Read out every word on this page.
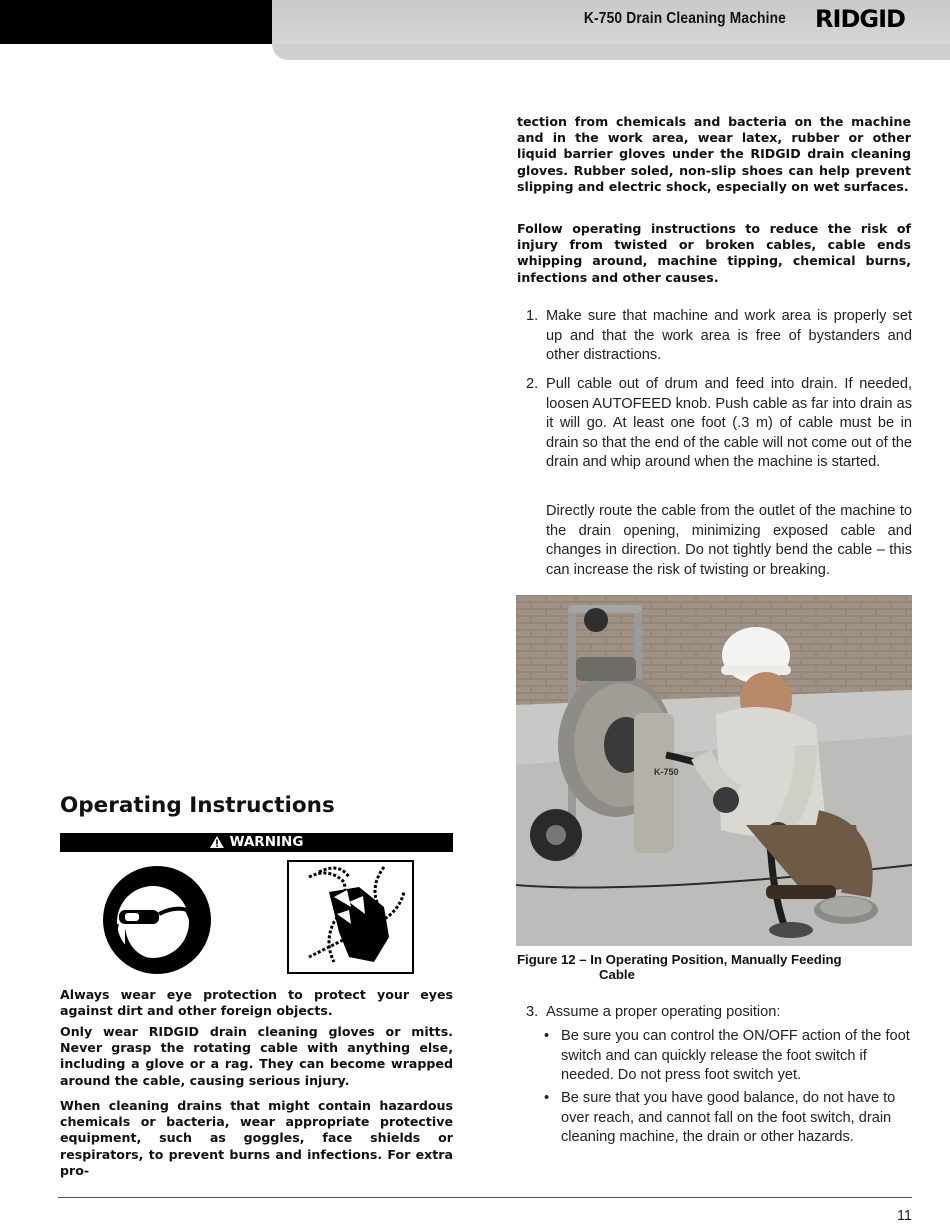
K-750 Drain Cleaning Machine	RIDGID

tection from chemicals and bacteria on the machine and in the work area, wear latex, rubber or other liquid barrier gloves under the RIDGID drain cleaning gloves. Rubber soled, non-slip shoes can help prevent slipping and electric shock, especially on wet surfaces.

Follow operating instructions to reduce the risk of injury from twisted or broken cables, cable ends whipping around, machine tipping, chemical burns, infections and other causes.

1. Make sure that machine and work area is properly set up and that the work area is free of bystanders and other distractions.
2. Pull cable out of drum and feed into drain. If needed, loosen AUTOFEED knob. Push cable as far into drain as it will go. At least one foot (.3 m) of cable must be in drain so that the end of the cable will not come out of the drain and whip around when the machine is started.
Directly route the cable from the outlet of the machine to the drain opening, minimizing exposed cable and changes in direction. Do not tightly bend the cable – this can increase the risk of twisting or breaking.
K-750
Figure 12 – In Operating Position, Manually Feeding
Cable
3. Assume a proper operating position:
• Be sure you can control the ON/OFF action of the foot switch and can quickly release the foot switch if needed. Do not press foot switch yet.
• Be sure that you have good balance, do not have to over reach, and cannot fall on the foot switch, drain cleaning machine, the drain or other hazards.
Operating Instructions
WARNING

Always wear eye protection to protect your eyes against dirt and other foreign objects.

Only wear RIDGID drain cleaning gloves or mitts. Never grasp the rotating cable with anything else, including a glove or a rag. They can become wrapped around the cable, causing serious injury.

When cleaning drains that might contain hazardous chemicals or bacteria, wear appropriate protective equipment, such as goggles, face shields or respirators, to prevent burns and infections. For extra pro-

11
